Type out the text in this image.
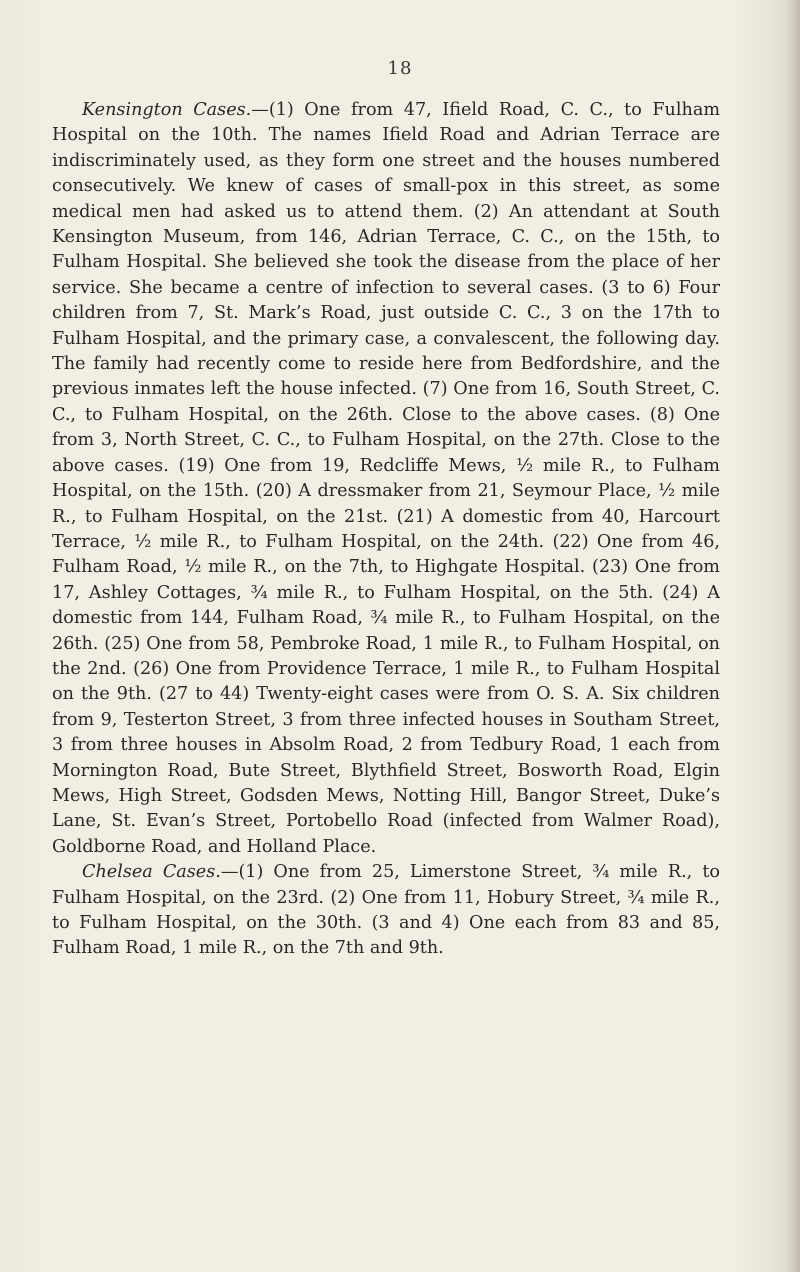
18

Kensington Cases.—(1) One from 47, Ifield Road, C. C., to Fulham Hospital on the 10th. The names Ifield Road and Adrian Terrace are indiscriminately used, as they form one street and the houses numbered consecutively. We knew of cases of small-pox in this street, as some medical men had asked us to attend them. (2) An attendant at South Kensington Museum, from 146, Adrian Terrace, C. C., on the 15th, to Fulham Hospital. She believed she took the disease from the place of her service. She became a centre of infection to several cases. (3 to 6) Four children from 7, St. Mark’s Road, just outside C. C., 3 on the 17th to Fulham Hospital, and the primary case, a convalescent, the following day. The family had recently come to reside here from Bedfordshire, and the previous inmates left the house infected. (7) One from 16, South Street, C. C., to Fulham Hospital, on the 26th. Close to the above cases. (8) One from 3, North Street, C. C., to Fulham Hospital, on the 27th. Close to the above cases. (19) One from 19, Redcliffe Mews, ½ mile R., to Fulham Hospital, on the 15th. (20) A dressmaker from 21, Seymour Place, ½ mile R., to Fulham Hospital, on the 21st. (21) A domestic from 40, Harcourt Terrace, ½ mile R., to Fulham Hospital, on the 24th. (22) One from 46, Fulham Road, ½ mile R., on the 7th, to Highgate Hospital. (23) One from 17, Ashley Cottages, ¾ mile R., to Fulham Hospital, on the 5th. (24) A domestic from 144, Fulham Road, ¾ mile R., to Fulham Hospital, on the 26th. (25) One from 58, Pembroke Road, 1 mile R., to Fulham Hospital, on the 2nd. (26) One from Providence Terrace, 1 mile R., to Fulham Hospital on the 9th. (27 to 44) Twenty-eight cases were from O. S. A. Six children from 9, Testerton Street, 3 from three infected houses in Southam Street, 3 from three houses in Absolm Road, 2 from Tedbury Road, 1 each from Mornington Road, Bute Street, Blythfield Street, Bosworth Road, Elgin Mews, High Street, Godsden Mews, Notting Hill, Bangor Street, Duke’s Lane, St. Evan’s Street, Portobello Road (infected from Walmer Road), Goldborne Road, and Holland Place.

Chelsea Cases.—(1) One from 25, Limerstone Street, ¾ mile R., to Fulham Hospital, on the 23rd. (2) One from 11, Hobury Street, ¾ mile R., to Fulham Hospital, on the 30th. (3 and 4) One each from 83 and 85, Fulham Road, 1 mile R., on the 7th and 9th.
